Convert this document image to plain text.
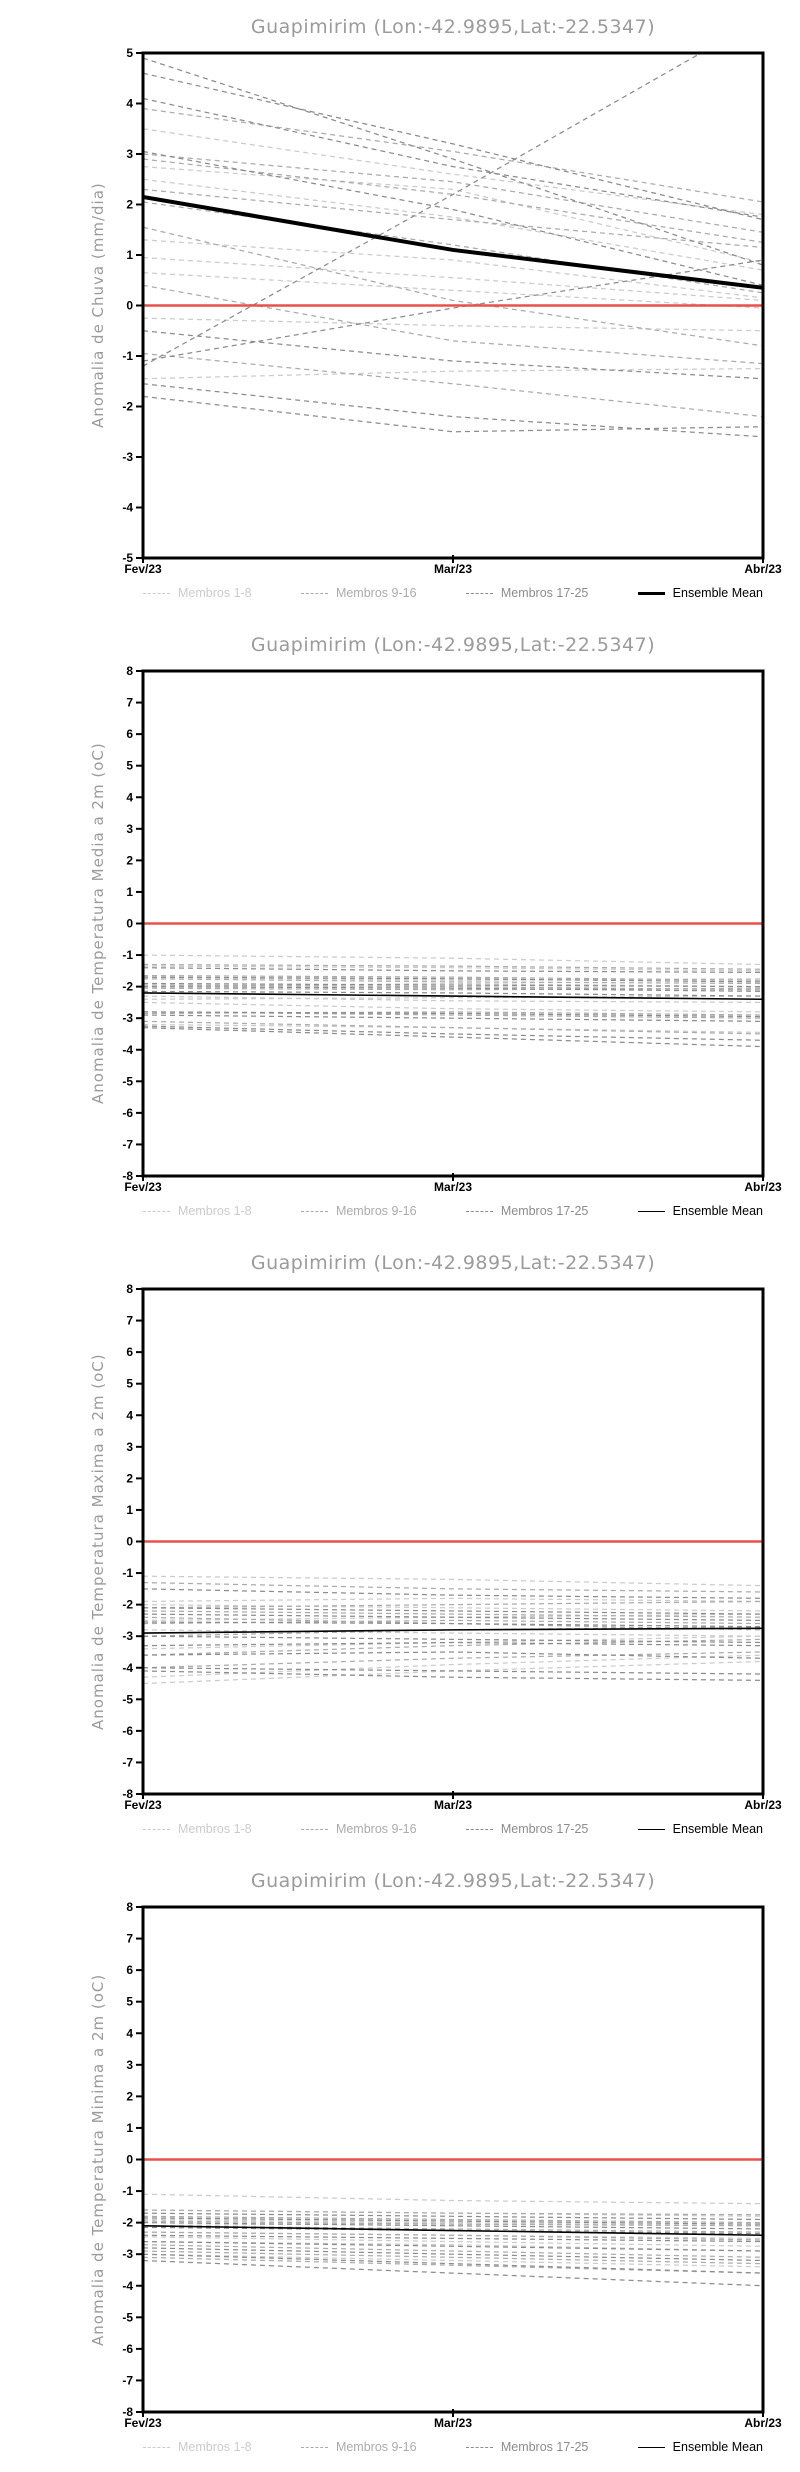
-5
-4
-3
-2
-1
0
1
2
3
4
5
Guapimirim (Lon:-42.9895,Lat:-22.5347)
Anomalia de Chuva (mm/dia)
Fev/23	Mar/23	Abr/23
Membros 1-8	Membros 9-16	Membros 17-25	Ensemble Mean
-8
-7
-6
-5
-4
-3
-2
-1
0
1
2
3
4
5
6
7
8
Guapimirim (Lon:-42.9895,Lat:-22.5347)
Anomalia de Temperatura Media a 2m (oC)
Fev/23	Mar/23	Abr/23
Membros 1-8	Membros 9-16	Membros 17-25	Ensemble Mean
-8
-7
-6
-5
-4
-3
-2
-1
0
1
2
3
4
5
6
7
8
Guapimirim (Lon:-42.9895,Lat:-22.5347)
Anomalia de Temperatura Maxima a 2m (oC)
Fev/23	Mar/23	Abr/23
Membros 1-8	Membros 9-16	Membros 17-25	Ensemble Mean
-8
-7
-6
-5
-4
-3
-2
-1
0
1
2
3
4
5
6
7
8
Guapimirim (Lon:-42.9895,Lat:-22.5347)
Anomalia de Temperatura Minima a 2m (oC)
Fev/23	Mar/23	Abr/23
Membros 1-8	Membros 9-16	Membros 17-25	Ensemble Mean
